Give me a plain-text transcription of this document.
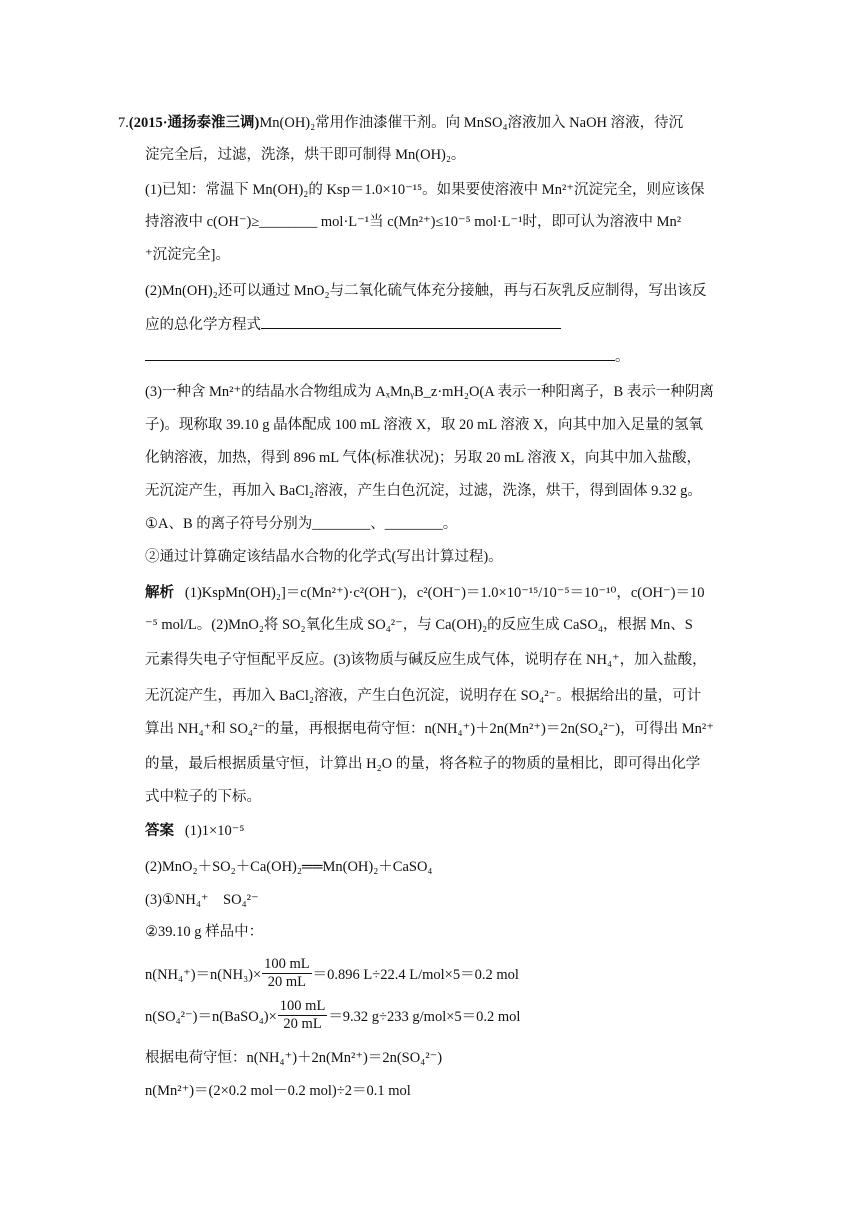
7.(2015·通扬泰淮三调)Mn(OH)₂常用作油漆催干剂。向 MnSO₄溶液加入 NaOH 溶液，待沉
淀完全后，过滤，洗涤，烘干即可制得 Mn(OH)₂。
(1)已知：常温下 Mn(OH)₂的 Ksp＝1.0×10⁻¹⁵。如果要使溶液中 Mn²⁺沉淀完全，则应该保
持溶液中 c(OH⁻)≥________ mol·L⁻¹当 c(Mn²⁺)≤10⁻⁵ mol·L⁻¹时，即可认为溶液中 Mn²
⁺沉淀完全]。
(2)Mn(OH)₂还可以通过 MnO₂与二氧化硫气体充分接触，再与石灰乳反应制得，写出该反
应的总化学方程式
。
(3)一种含 Mn²⁺的结晶水合物组成为 AₓMnᵧB_z·mH₂O(A 表示一种阳离子，B 表示一种阴离
子)。现称取 39.10 g 晶体配成 100 mL 溶液 X，取 20 mL 溶液 X，向其中加入足量的氢氧
化钠溶液，加热，得到 896 mL 气体(标准状况)；另取 20 mL 溶液 X，向其中加入盐酸，
无沉淀产生，再加入 BaCl₂溶液，产生白色沉淀，过滤，洗涤，烘干，得到固体 9.32 g。
①A、B 的离子符号分别为________、________。
②通过计算确定该结晶水合物的化学式(写出计算过程)。
解析 (1)KspMn(OH)₂]＝c(Mn²⁺)·c²(OH⁻)，c²(OH⁻)＝1.0×10⁻¹⁵/10⁻⁵＝10⁻¹⁰，c(OH⁻)＝10
⁻⁵ mol/L。(2)MnO₂将 SO₂氧化生成 SO₄²⁻，与 Ca(OH)₂的反应生成 CaSO₄，根据 Mn、S
元素得失电子守恒配平反应。(3)该物质与碱反应生成气体，说明存在 NH₄⁺，加入盐酸，
无沉淀产生，再加入 BaCl₂溶液，产生白色沉淀，说明存在 SO₄²⁻。根据给出的量，可计
算出 NH₄⁺和 SO₄²⁻的量，再根据电荷守恒：n(NH₄⁺)＋2n(Mn²⁺)＝2n(SO₄²⁻)，可得出 Mn²⁺
的量，最后根据质量守恒，计算出 H₂O 的量，将各粒子的物质的量相比，即可得出化学
式中粒子的下标。
答案 (1)1×10⁻⁵
(2)MnO₂＋SO₂＋Ca(OH)₂══Mn(OH)₂＋CaSO₄
(3)①NH₄⁺　SO₄²⁻
②39.10 g 样品中：
$n(NH_4^+)=n(NH_3)\times \frac{100 mL}{20 mL} =0.896$ L÷22.4 L/mol×5＝0.2 mol
n(SO₄²⁻)＝n(BaSO₄)× $\frac{100 mL}{20 mL} =9.32$ g÷233 g/mol×5＝0.2 mol
根据电荷守恒：n(NH₄⁺)＋2n(Mn²⁺)＝2n(SO₄²⁻)
n(Mn²⁺)＝(2×0.2 mol－0.2 mol)÷2＝0.1 mol
